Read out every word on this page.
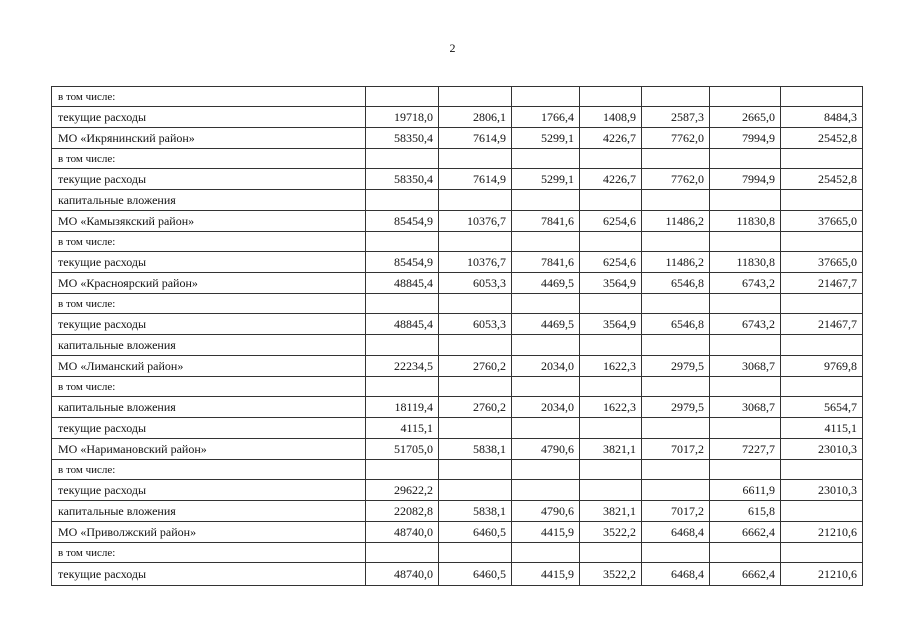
2
в том числе:							
текущие расходы	19718,0	2806,1	1766,4	1408,9	2587,3	2665,0	8484,3
МО «Икрянинский район»	58350,4	7614,9	5299,1	4226,7	7762,0	7994,9	25452,8
в том числе:							
текущие расходы	58350,4	7614,9	5299,1	4226,7	7762,0	7994,9	25452,8
капитальные вложения							
МО «Камызякский район»	85454,9	10376,7	7841,6	6254,6	11486,2	11830,8	37665,0
в том числе:							
текущие расходы	85454,9	10376,7	7841,6	6254,6	11486,2	11830,8	37665,0
МО «Красноярский район»	48845,4	6053,3	4469,5	3564,9	6546,8	6743,2	21467,7
в том числе:							
текущие расходы	48845,4	6053,3	4469,5	3564,9	6546,8	6743,2	21467,7
капитальные вложения							
МО «Лиманский район»	22234,5	2760,2	2034,0	1622,3	2979,5	3068,7	9769,8
в том числе:							
капитальные вложения	18119,4	2760,2	2034,0	1622,3	2979,5	3068,7	5654,7
текущие расходы	4115,1						4115,1
МО «Наримановский район»	51705,0	5838,1	4790,6	3821,1	7017,2	7227,7	23010,3
в том числе:							
текущие расходы	29622,2					6611,9	23010,3
капитальные вложения	22082,8	5838,1	4790,6	3821,1	7017,2	615,8	
МО «Приволжский район»	48740,0	6460,5	4415,9	3522,2	6468,4	6662,4	21210,6
в том числе:							
текущие расходы	48740,0	6460,5	4415,9	3522,2	6468,4	6662,4	21210,6
